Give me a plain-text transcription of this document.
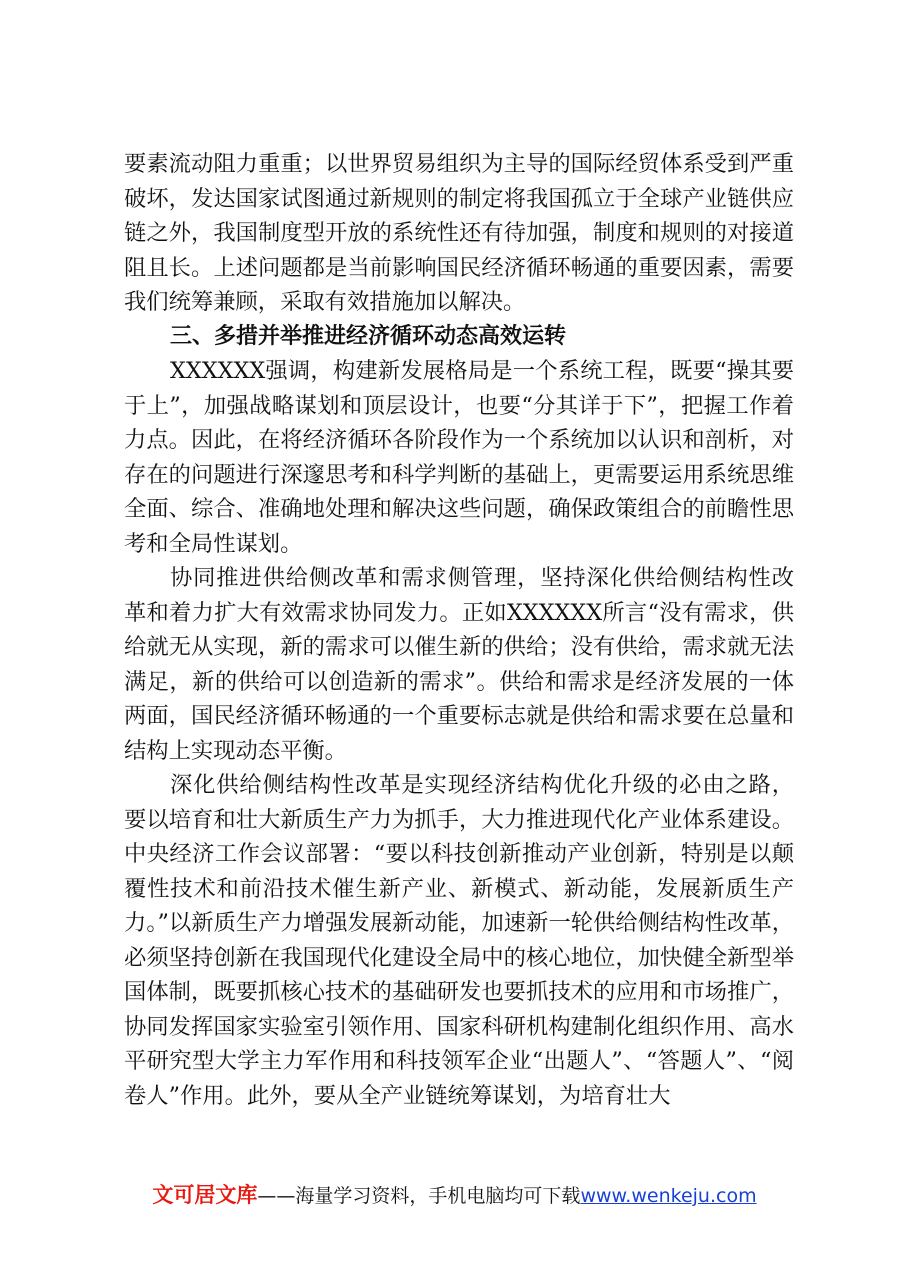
要素流动阻力重重；以世界贸易组织为主导的国际经贸体系受到严重破坏，发达国家试图通过新规则的制定将我国孤立于全球产业链供应链之外，我国制度型开放的系统性还有待加强，制度和规则的对接道阻且长。上述问题都是当前影响国民经济循环畅通的重要因素，需要我们统筹兼顾，采取有效措施加以解决。

三、多措并举推进经济循环动态高效运转

XXXXXX强调，构建新发展格局是一个系统工程，既要“操其要于上”，加强战略谋划和顶层设计，也要“分其详于下”，把握工作着力点。因此，在将经济循环各阶段作为一个系统加以认识和剖析，对存在的问题进行深邃思考和科学判断的基础上，更需要运用系统思维全面、综合、准确地处理和解决这些问题，确保政策组合的前瞻性思考和全局性谋划。

协同推进供给侧改革和需求侧管理，坚持深化供给侧结构性改革和着力扩大有效需求协同发力。正如XXXXXX所言“没有需求，供给就无从实现，新的需求可以催生新的供给；没有供给，需求就无法满足，新的供给可以创造新的需求”。供给和需求是经济发展的一体两面，国民经济循环畅通的一个重要标志就是供给和需求要在总量和结构上实现动态平衡。

深化供给侧结构性改革是实现经济结构优化升级的必由之路，要以培育和壮大新质生产力为抓手，大力推进现代化产业体系建设。中央经济工作会议部署：“要以科技创新推动产业创新，特别是以颠覆性技术和前沿技术催生新产业、新模式、新动能，发展新质生产力。”以新质生产力增强发展新动能，加速新一轮供给侧结构性改革，必须坚持创新在我国现代化建设全局中的核心地位，加快健全新型举国体制，既要抓核心技术的基础研发也要抓技术的应用和市场推广，协同发挥国家实验室引领作用、国家科研机构建制化组织作用、高水平研究型大学主力军作用和科技领军企业“出题人”、“答题人”、“阅卷人”作用。此外，要从全产业链统筹谋划，为培育壮大

文可居文库——海量学习资料，手机电脑均可下载www.wenkeju.com
